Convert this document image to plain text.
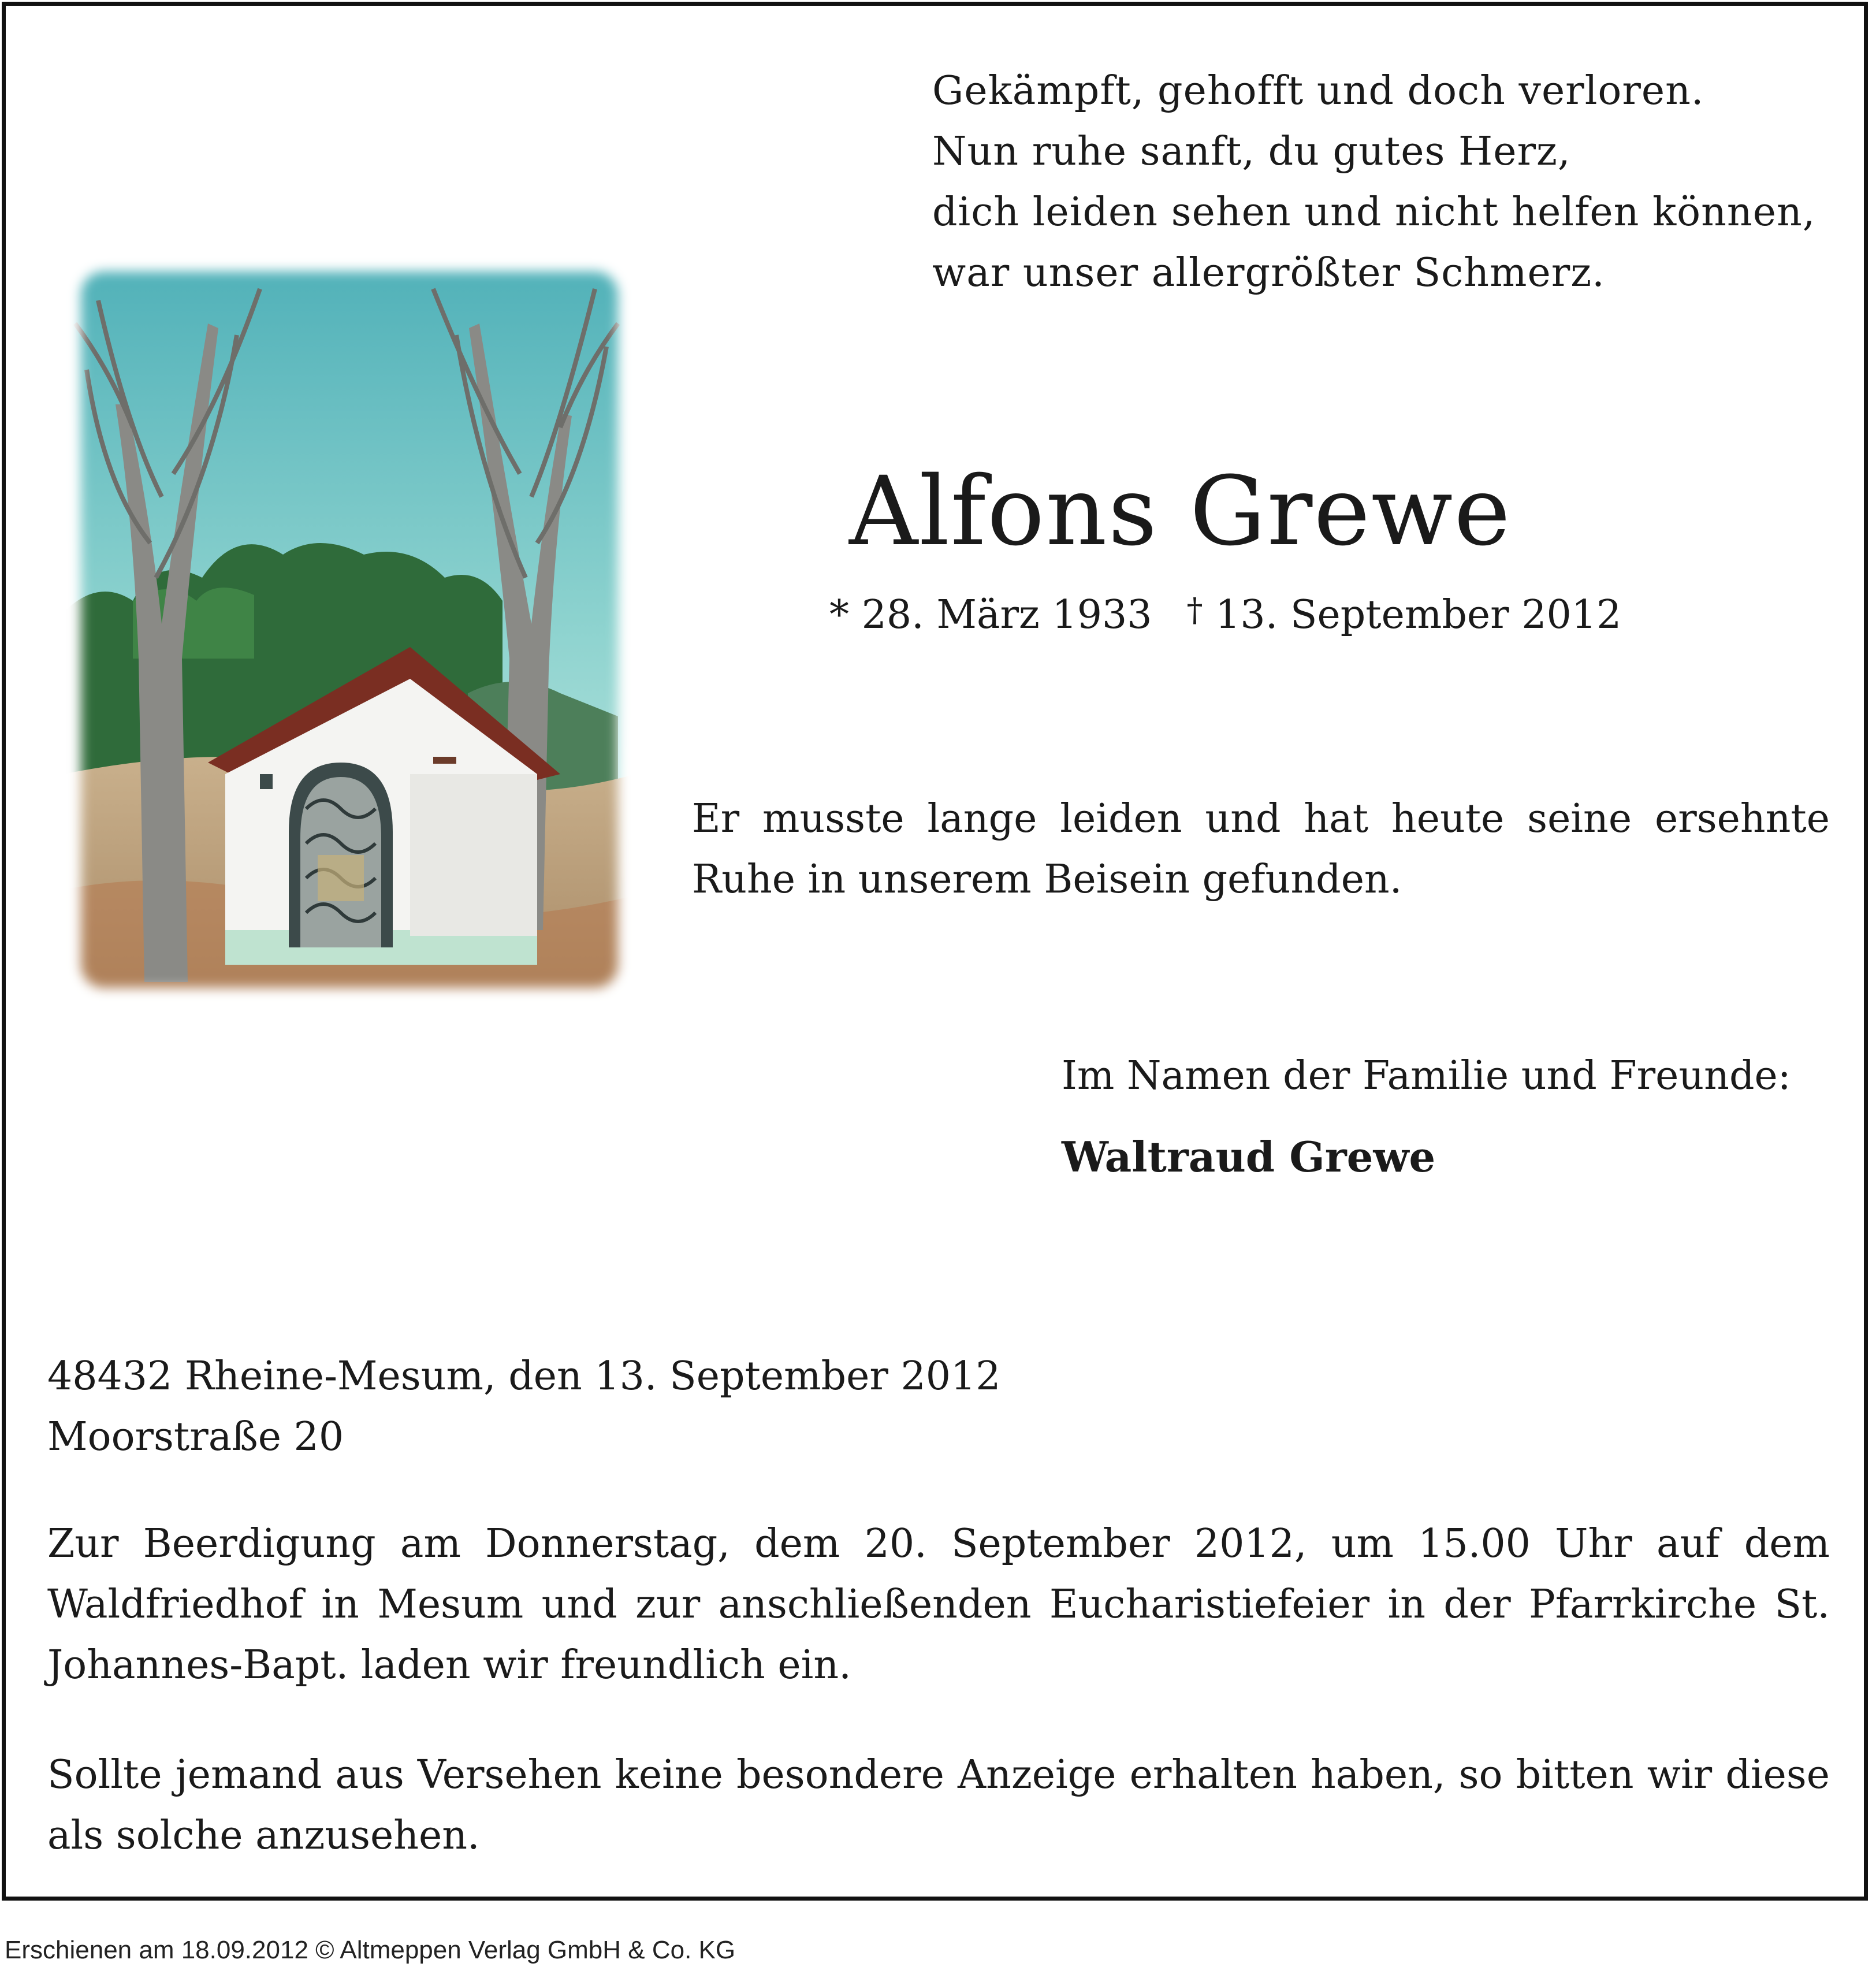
Gekämpft, gehofft und doch verloren.
Nun ruhe sanft, du gutes Herz,
dich leiden sehen und nicht helfen können,
war unser allergrößter Schmerz.
Alfons Grewe
* 28. März 1933 † 13. September 2012
Er musste lange leiden und hat heute seine ersehnte Ruhe in unserem Beisein gefunden.
Im Namen der Familie und Freunde:
Waltraud Grewe
48432 Rheine-Mesum, den 13. September 2012
Moorstraße 20
Zur Beerdigung am Donnerstag, dem 20. September 2012, um 15.00 Uhr auf dem Waldfriedhof in Mesum und zur anschließenden Eucharistiefeier in der Pfarrkirche St. Johannes-Bapt. laden wir freundlich ein.
Sollte jemand aus Versehen keine besondere Anzeige erhalten haben, so bitten wir diese als solche anzusehen.
Erschienen am 18.09.2012 © Altmeppen Verlag GmbH & Co. KG
